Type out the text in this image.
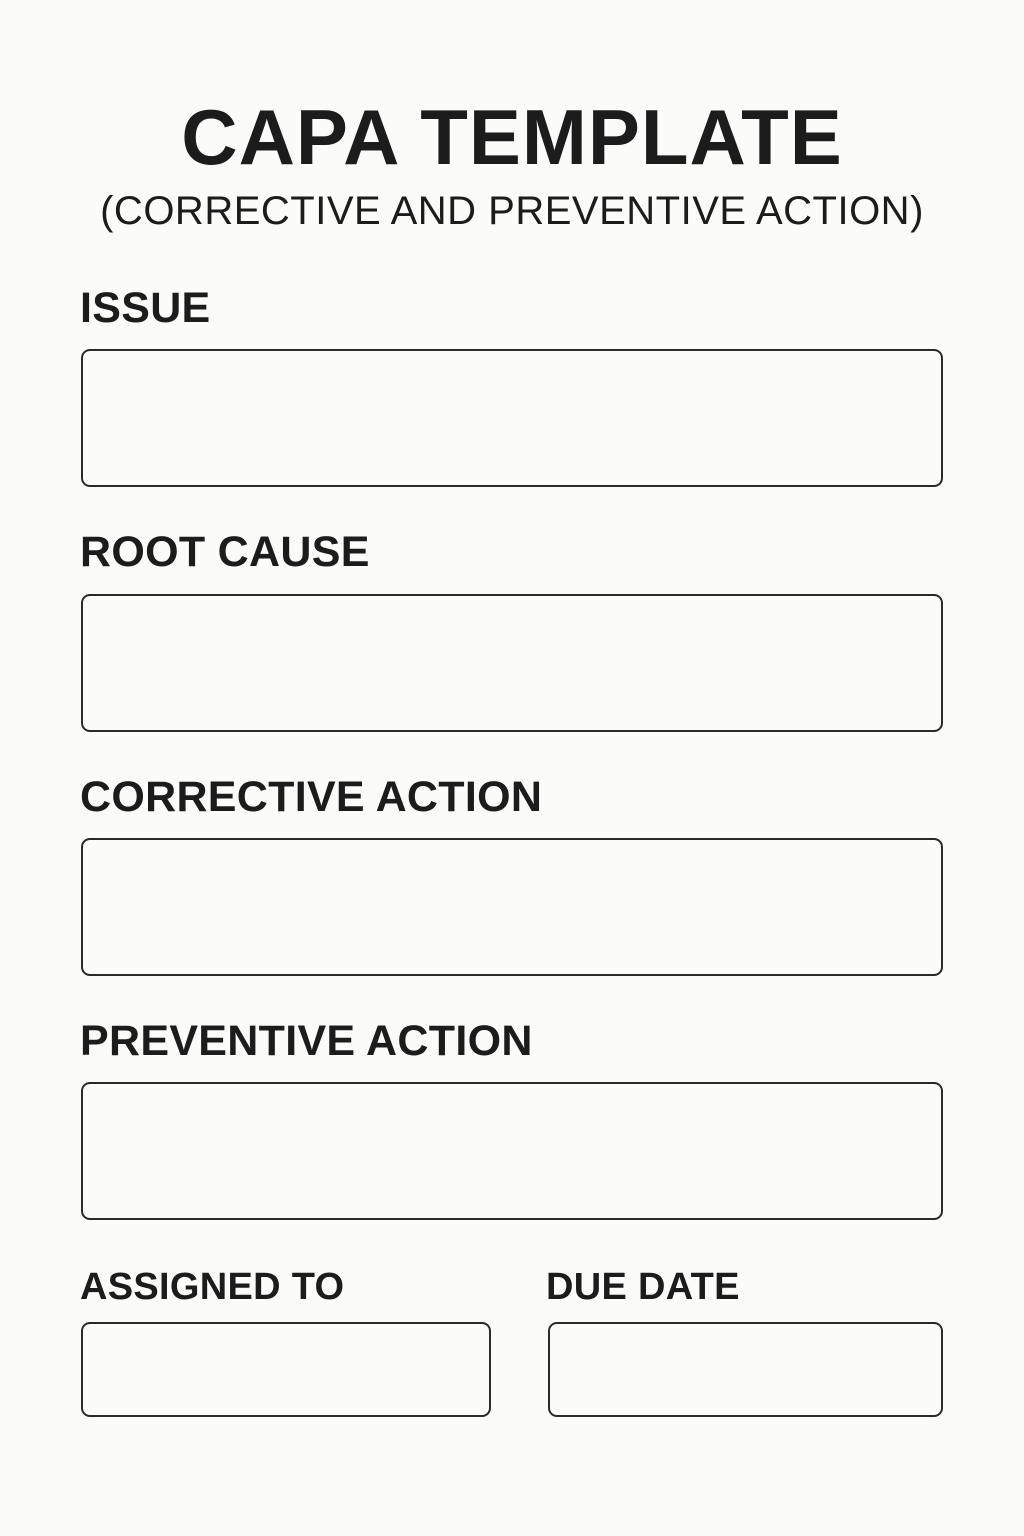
CAPA TEMPLATE
(CORRECTIVE AND PREVENTIVE ACTION)
ISSUE
ROOT CAUSE
CORRECTIVE ACTION
PREVENTIVE ACTION
ASSIGNED TO	DUE DATE
